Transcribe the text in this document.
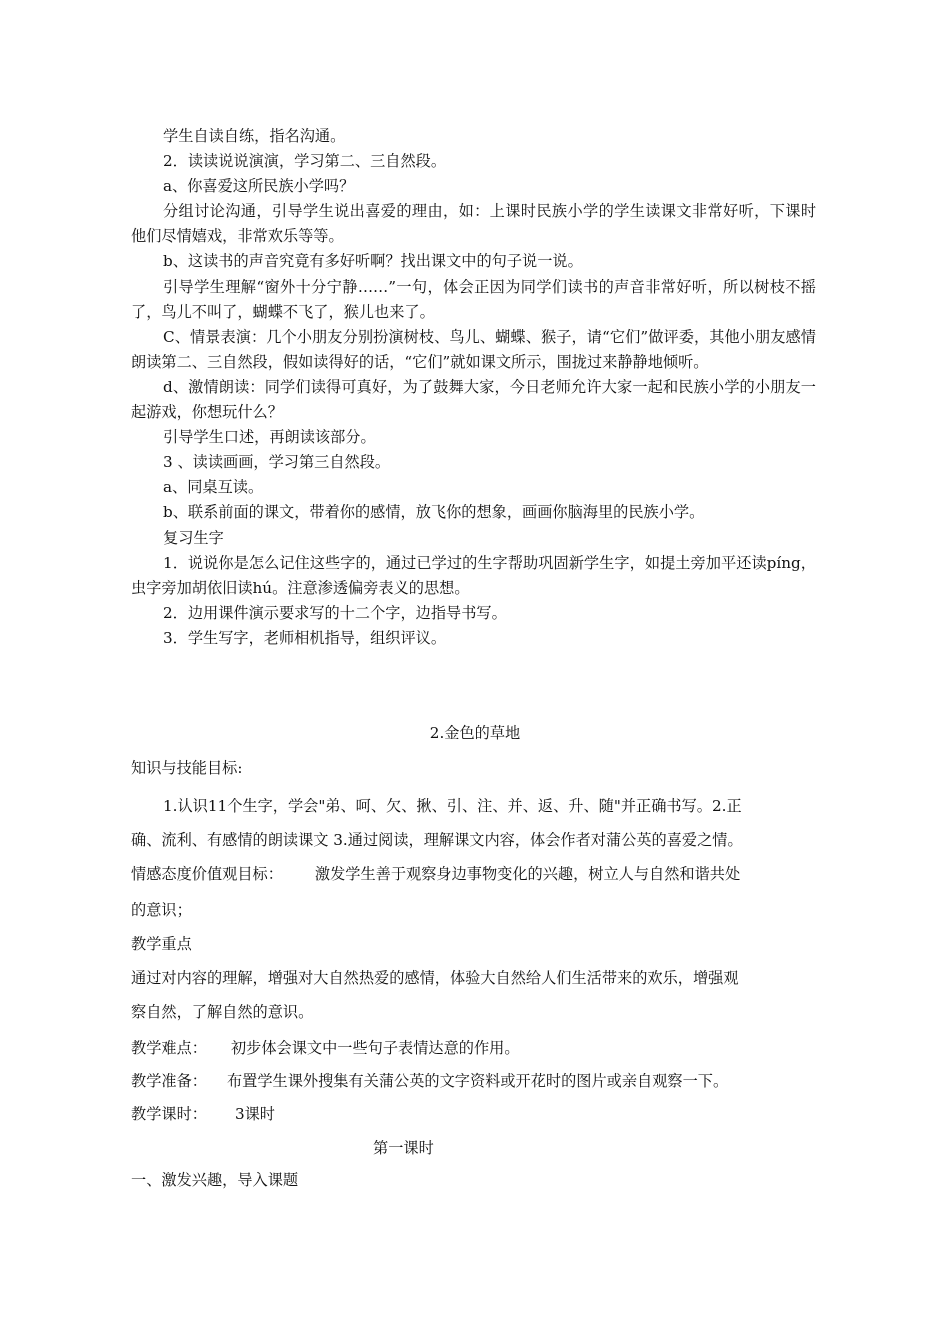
学生自读自练，指名沟通。

2．读读说说演演，学习第二、三自然段。

a、你喜爱这所民族小学吗？

分组讨论沟通，引导学生说出喜爱的理由，如：上课时民族小学的学生读课文非常好听，下课时他们尽情嬉戏，非常欢乐等等。

b、这读书的声音究竟有多好听啊？找出课文中的句子说一说。

引导学生理解“窗外十分宁静……”一句，体会正因为同学们读书的声音非常好听，所以树枝不摇了，鸟儿不叫了，蝴蝶不飞了，猴儿也来了。

C、情景表演：几个小朋友分别扮演树枝、鸟儿、蝴蝶、猴子，请“它们”做评委，其他小朋友感情朗读第二、三自然段，假如读得好的话，“它们”就如课文所示，围拢过来静静地倾听。

d、激情朗读：同学们读得可真好，为了鼓舞大家，今日老师允许大家一起和民族小学的小朋友一起游戏，你想玩什么？

引导学生口述，再朗读该部分。

3 、读读画画，学习第三自然段。

a、同桌互读。

b、联系前面的课文，带着你的感情，放飞你的想象，画画你脑海里的民族小学。

复习生字

1．说说你是怎么记住这些字的，通过已学过的生字帮助巩固新学生字，如提土旁加平还读píng，虫字旁加胡依旧读hú。注意渗透偏旁表义的思想。

2．边用课件演示要求写的十二个字，边指导书写。

3．学生写字，老师相机指导，组织评议。

2.金色的草地

知识与技能目标:

1.认识11个生字，学会"弟、呵、欠、揪、引、注、并、返、升、随"并正确书写。2.正

确、流利、有感情的朗读课文 3.通过阅读，理解课文内容，体会作者对蒲公英的喜爱之情。

情感态度价值观目标： 激发学生善于观察身边事物变化的兴趣，树立人与自然和谐共处

的意识；

教学重点

通过对内容的理解，增强对大自然热爱的感情，体验大自然给人们生活带来的欢乐，增强观

察自然，了解自然的意识。

教学难点： 初步体会课文中一些句子表情达意的作用。

教学准备： 布置学生课外搜集有关蒲公英的文字资料或开花时的图片或亲自观察一下。

教学课时： 3课时

第一课时

一、激发兴趣，导入课题
